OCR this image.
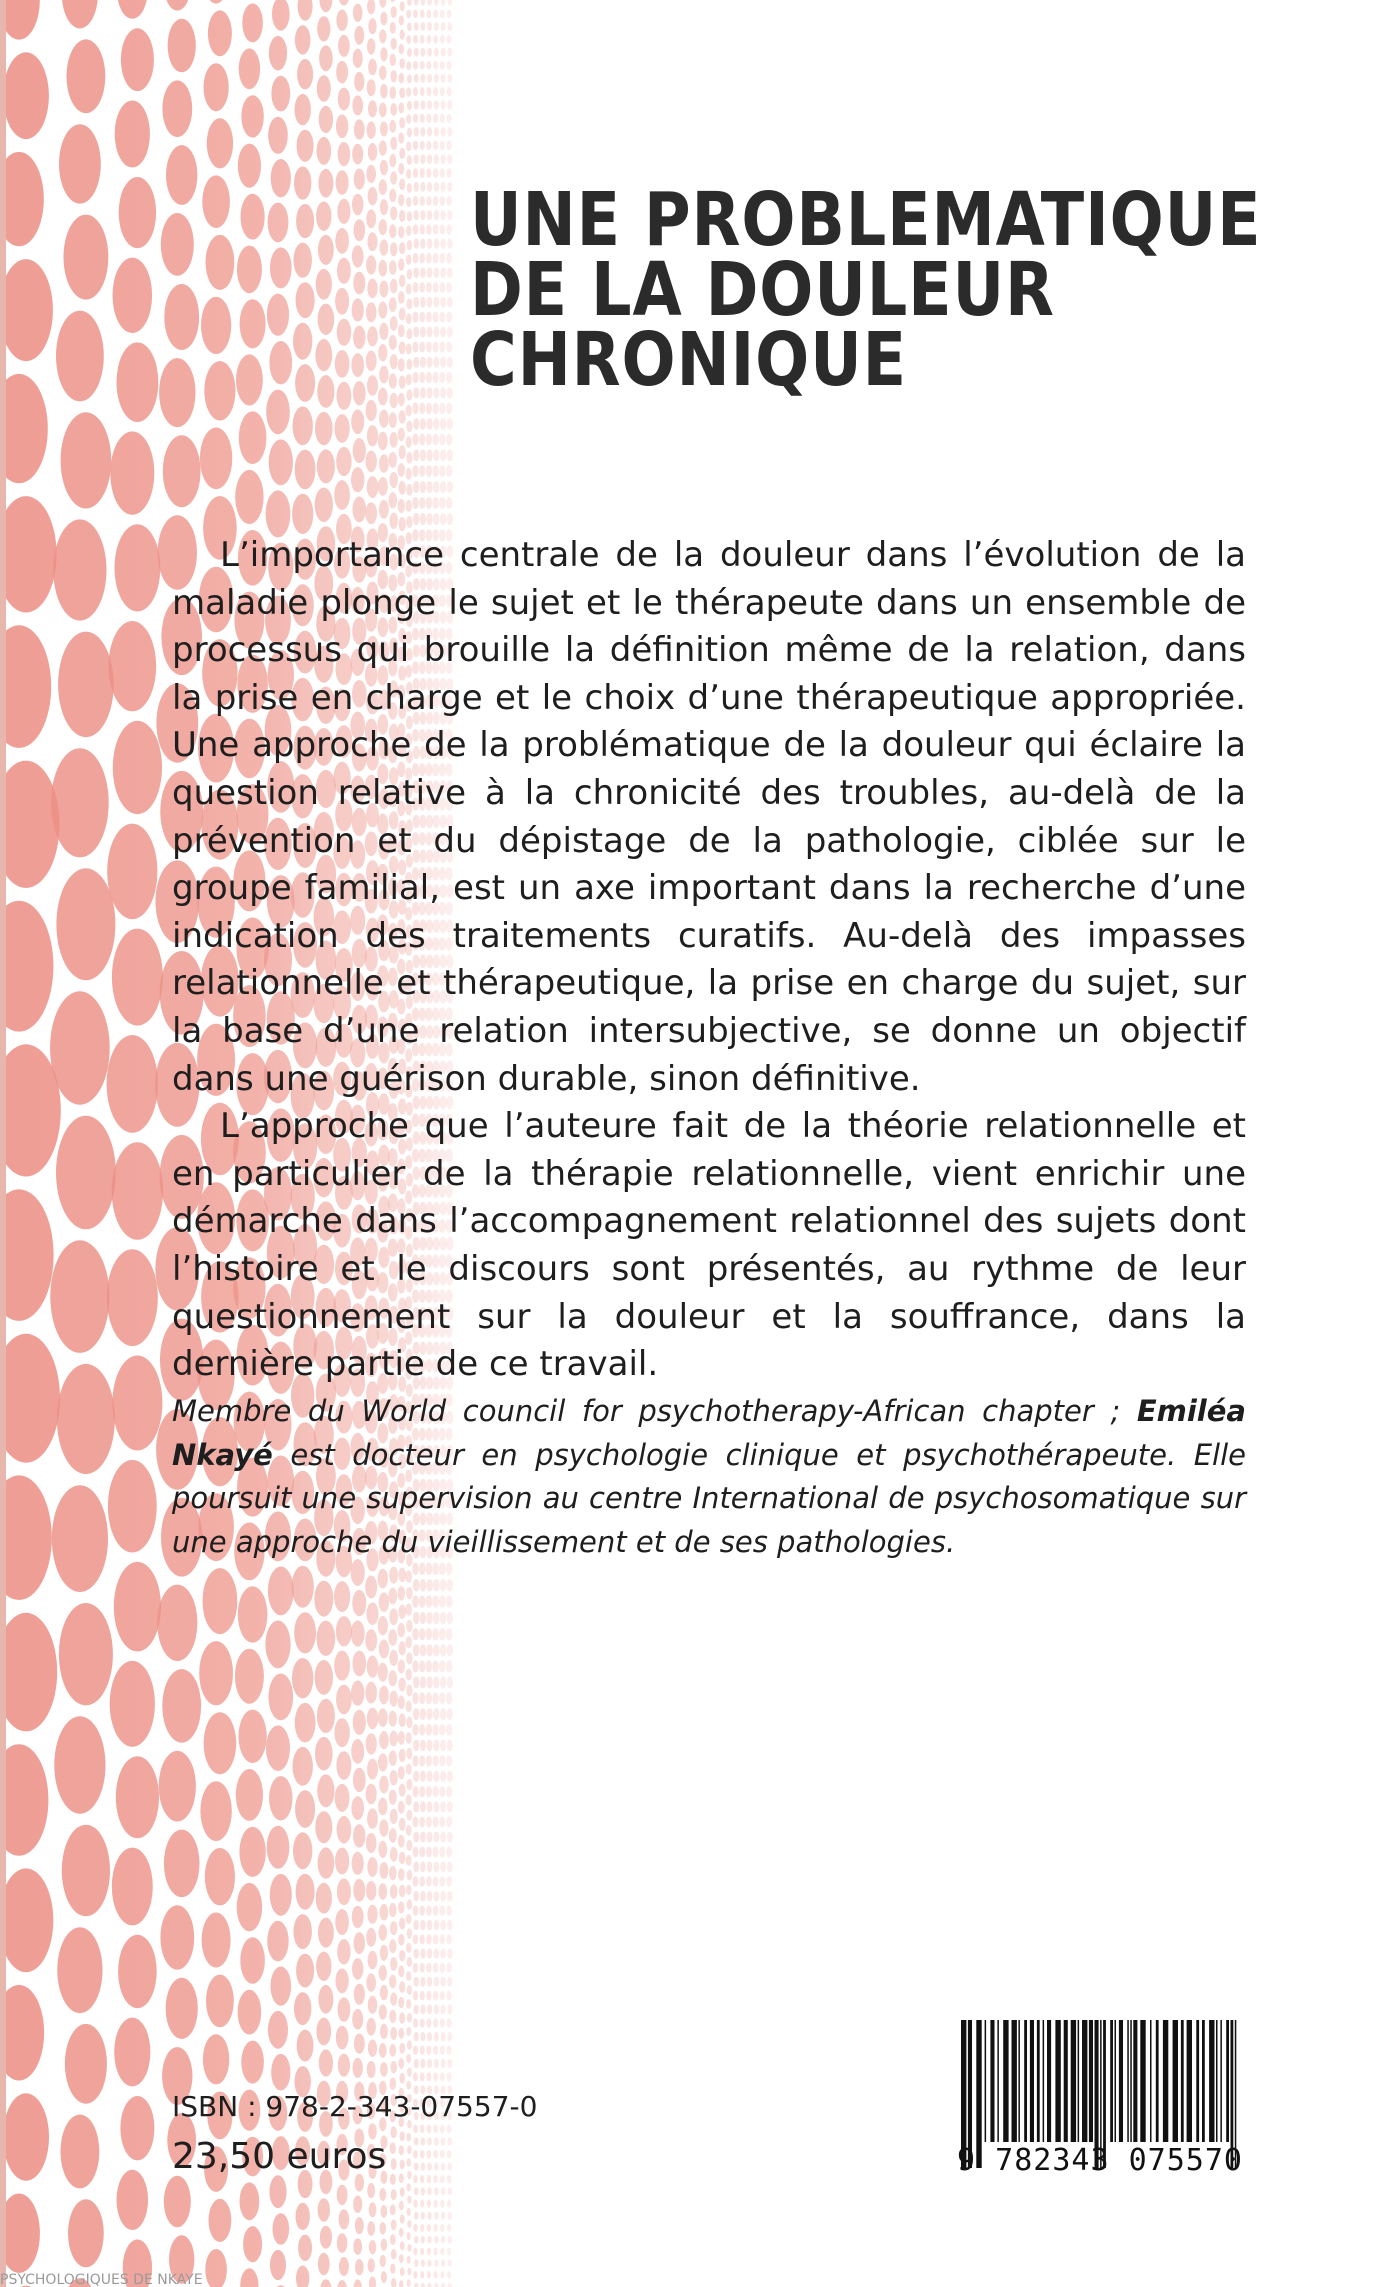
UNE PROBLEMATIQUE
DE LA DOULEUR
CHRONIQUE

L’importance centrale de la douleur dans l’évolution de la maladie plonge le sujet et le thérapeute dans un ensemble de processus qui brouille la définition même de la relation, dans la prise en charge et le choix d’une thérapeutique appropriée. Une approche de la problématique de la douleur qui éclaire la question relative à la chronicité des troubles, au-delà de la prévention et du dépistage de la pathologie, ciblée sur le groupe familial, est un axe important dans la recherche d’une indication des traitements curatifs. Au-delà des impasses relationnelle et thérapeutique, la prise en charge du sujet, sur la base d’une relation intersubjective, se donne un objectif dans une guérison durable, sinon définitive.

L’approche que l’auteure fait de la théorie relationnelle et en particulier de la thérapie relationnelle, vient enrichir une démarche dans l’accompagnement relationnel des sujets dont l’histoire et le discours sont présentés, au rythme de leur questionnement sur la douleur et la souffrance, dans la dernière partie de ce travail.

Membre du World council for psychotherapy-African chapter ; Emiléa Nkayé est docteur en psychologie clinique et psychothérapeute. Elle poursuit une supervision au centre International de psychosomatique sur une approche du vieillissement et de ses pathologies.

ISBN : 978-2-343-07557-0
23,50 euros	9 782343 075570
PSYCHOLOGIQUES DE NKAYE
